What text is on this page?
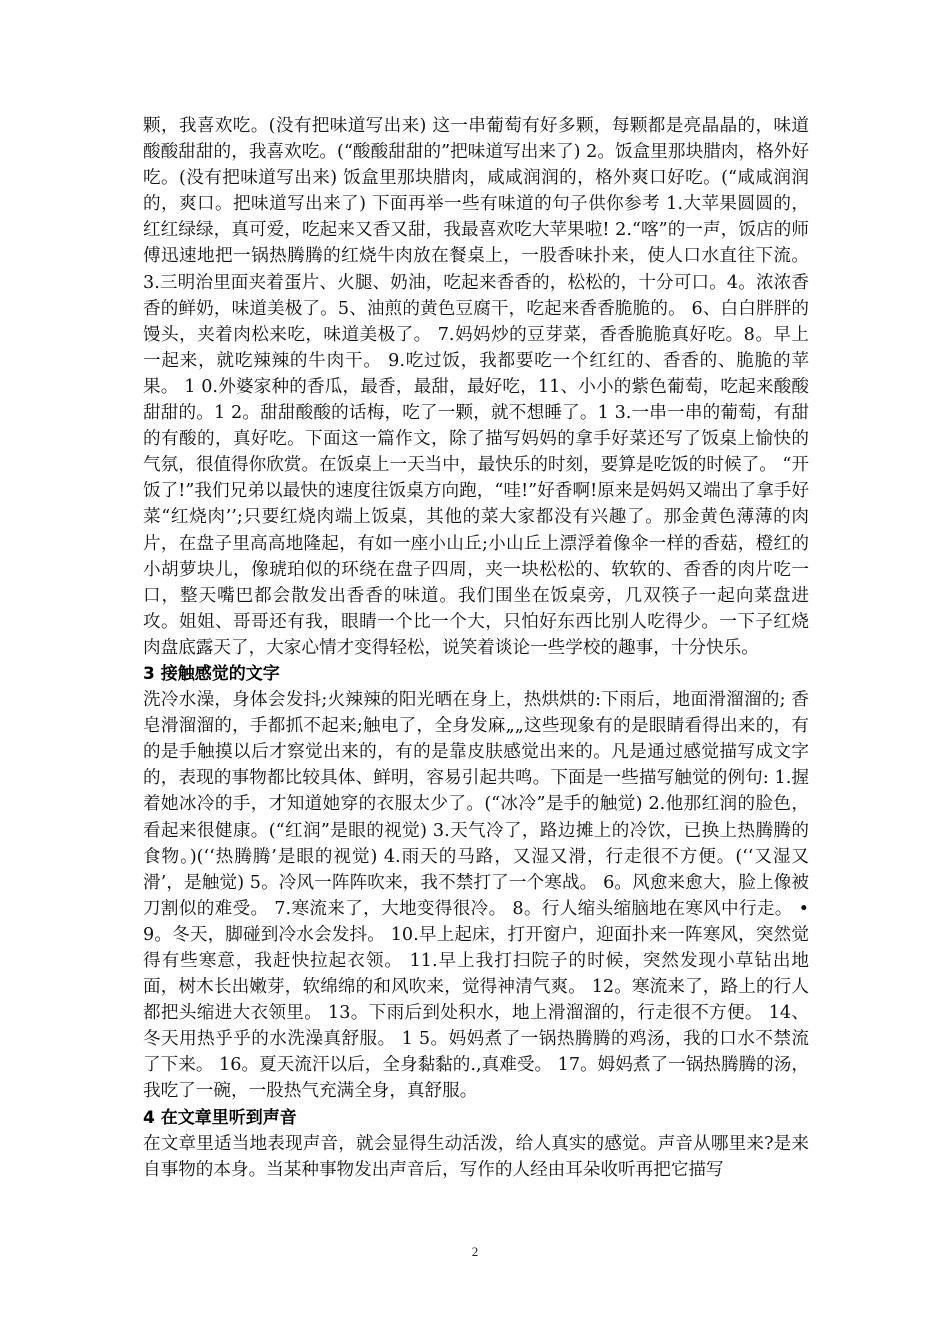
颗，我喜欢吃。(没有把味道写出来) 这一串葡萄有好多颗，每颗都是亮晶晶的，味道酸酸甜甜的，我喜欢吃。(“酸酸甜甜的”把味道写出来了) 2。饭盒里那块腊肉，格外好吃。(没有把味道写出来) 饭盒里那块腊肉，咸咸润润的，格外爽口好吃。(“咸咸润润的，爽口。把味道写出来了) 下面再举一些有味道的句子供你参考 1.大苹果圆圆的，红红绿绿，真可爱，吃起来又香又甜，我最喜欢吃大苹果啦! 2.“喀”的一声，饭店的师傅迅速地把一锅热腾腾的红烧牛肉放在餐桌上，一股香味扑来，使人口水直往下流。3.三明治里面夹着蛋片、火腿、奶油，吃起来香香的，松松的，十分可口。4。浓浓香香的鲜奶，味道美极了。5、油煎的黄色豆腐干，吃起来香香脆脆的。 6、白白胖胖的馒头，夹着肉松来吃，味道美极了。 7.妈妈炒的豆芽菜，香香脆脆真好吃。8。早上一起来，就吃辣辣的牛肉干。 9.吃过饭，我都要吃一个红红的、香香的、脆脆的苹果。 1 0.外婆家种的香瓜，最香，最甜，最好吃，11、小小的紫色葡萄，吃起来酸酸甜甜的。1 2。甜甜酸酸的话梅，吃了一颗，就不想睡了。1 3.一串一串的葡萄，有甜的有酸的，真好吃。下面这一篇作文，除了描写妈妈的拿手好菜还写了饭桌上愉快的气氛，很值得你欣赏。在饭桌上一天当中，最快乐的时刻，要算是吃饭的时候了。 “开饭了!”我们兄弟以最快的速度往饭桌方向跑，“哇!”好香啊!原来是妈妈又端出了拿手好菜“红烧肉’’;只要红烧肉端上饭桌，其他的菜大家都没有兴趣了。那金黄色薄薄的肉片，在盘子里高高地隆起，有如一座小山丘;小山丘上漂浮着像伞一样的香菇，橙红的小胡萝块儿，像琥珀似的环绕在盘子四周，夹一块松松的、软软的、香香的肉片吃一口，整天嘴巴都会散发出香香的味道。我们围坐在饭桌旁，几双筷子一起向菜盘进攻。姐姐、哥哥还有我，眼睛一个比一个大，只怕好东西比别人吃得少。一下子红烧肉盘底露天了，大家心情才变得轻松，说笑着谈论一些学校的趣事，十分快乐。

3 接触感觉的文字

洗冷水澡，身体会发抖;火辣辣的阳光晒在身上，热烘烘的:下雨后，地面滑溜溜的; 香皂滑溜溜的，手都抓不起来;触电了，全身发麻„„这些现象有的是眼睛看得出来的，有的是手触摸以后才察觉出来的，有的是靠皮肤感觉出来的。凡是通过感觉描写成文字的，表现的事物都比较具体、鲜明，容易引起共鸣。下面是一些描写触觉的例句: 1.握着她冰冷的手，才知道她穿的衣服太少了。(“冰冷”是手的触觉) 2.他那红润的脸色，看起来很健康。(“红润”是眼的视觉) 3.天气冷了，路边摊上的冷饮，已换上热腾腾的食物。)(‘‘热腾腾’是眼的视觉) 4.雨天的马路，又湿又滑，行走很不方便。(‘‘又湿又滑’，是触觉) 5。冷风一阵阵吹来，我不禁打了一个寒战。 6。风愈来愈大，脸上像被刀割似的难受。 7.寒流来了，大地变得很冷。 8。行人缩头缩脑地在寒风中行走。 • 9。冬天，脚碰到冷水会发抖。 10.早上起床，打开窗户，迎面扑来一阵寒风，突然觉得有些寒意，我赶快拉起衣领。 11.早上我打扫院子的时候，突然发现小草钻出地面，树木长出嫩芽，软绵绵的和风吹来，觉得神清气爽。 12。寒流来了，路上的行人都把头缩进大衣领里。 13。下雨后到处积水，地上滑溜溜的，行走很不方便。 14、冬天用热乎乎的水洗澡真舒服。 1 5。妈妈煮了一锅热腾腾的鸡汤，我的口水不禁流了下来。 16。夏天流汗以后，全身黏黏的.,真难受。 17。姆妈煮了一锅热腾腾的汤，我吃了一碗，一股热气充满全身，真舒服。

4 在文章里听到声音

在文章里适当地表现声音，就会显得生动活泼，给人真实的感觉。声音从哪里来?是来自事物的本身。当某种事物发出声音后，写作的人经由耳朵收听再把它描写

2
